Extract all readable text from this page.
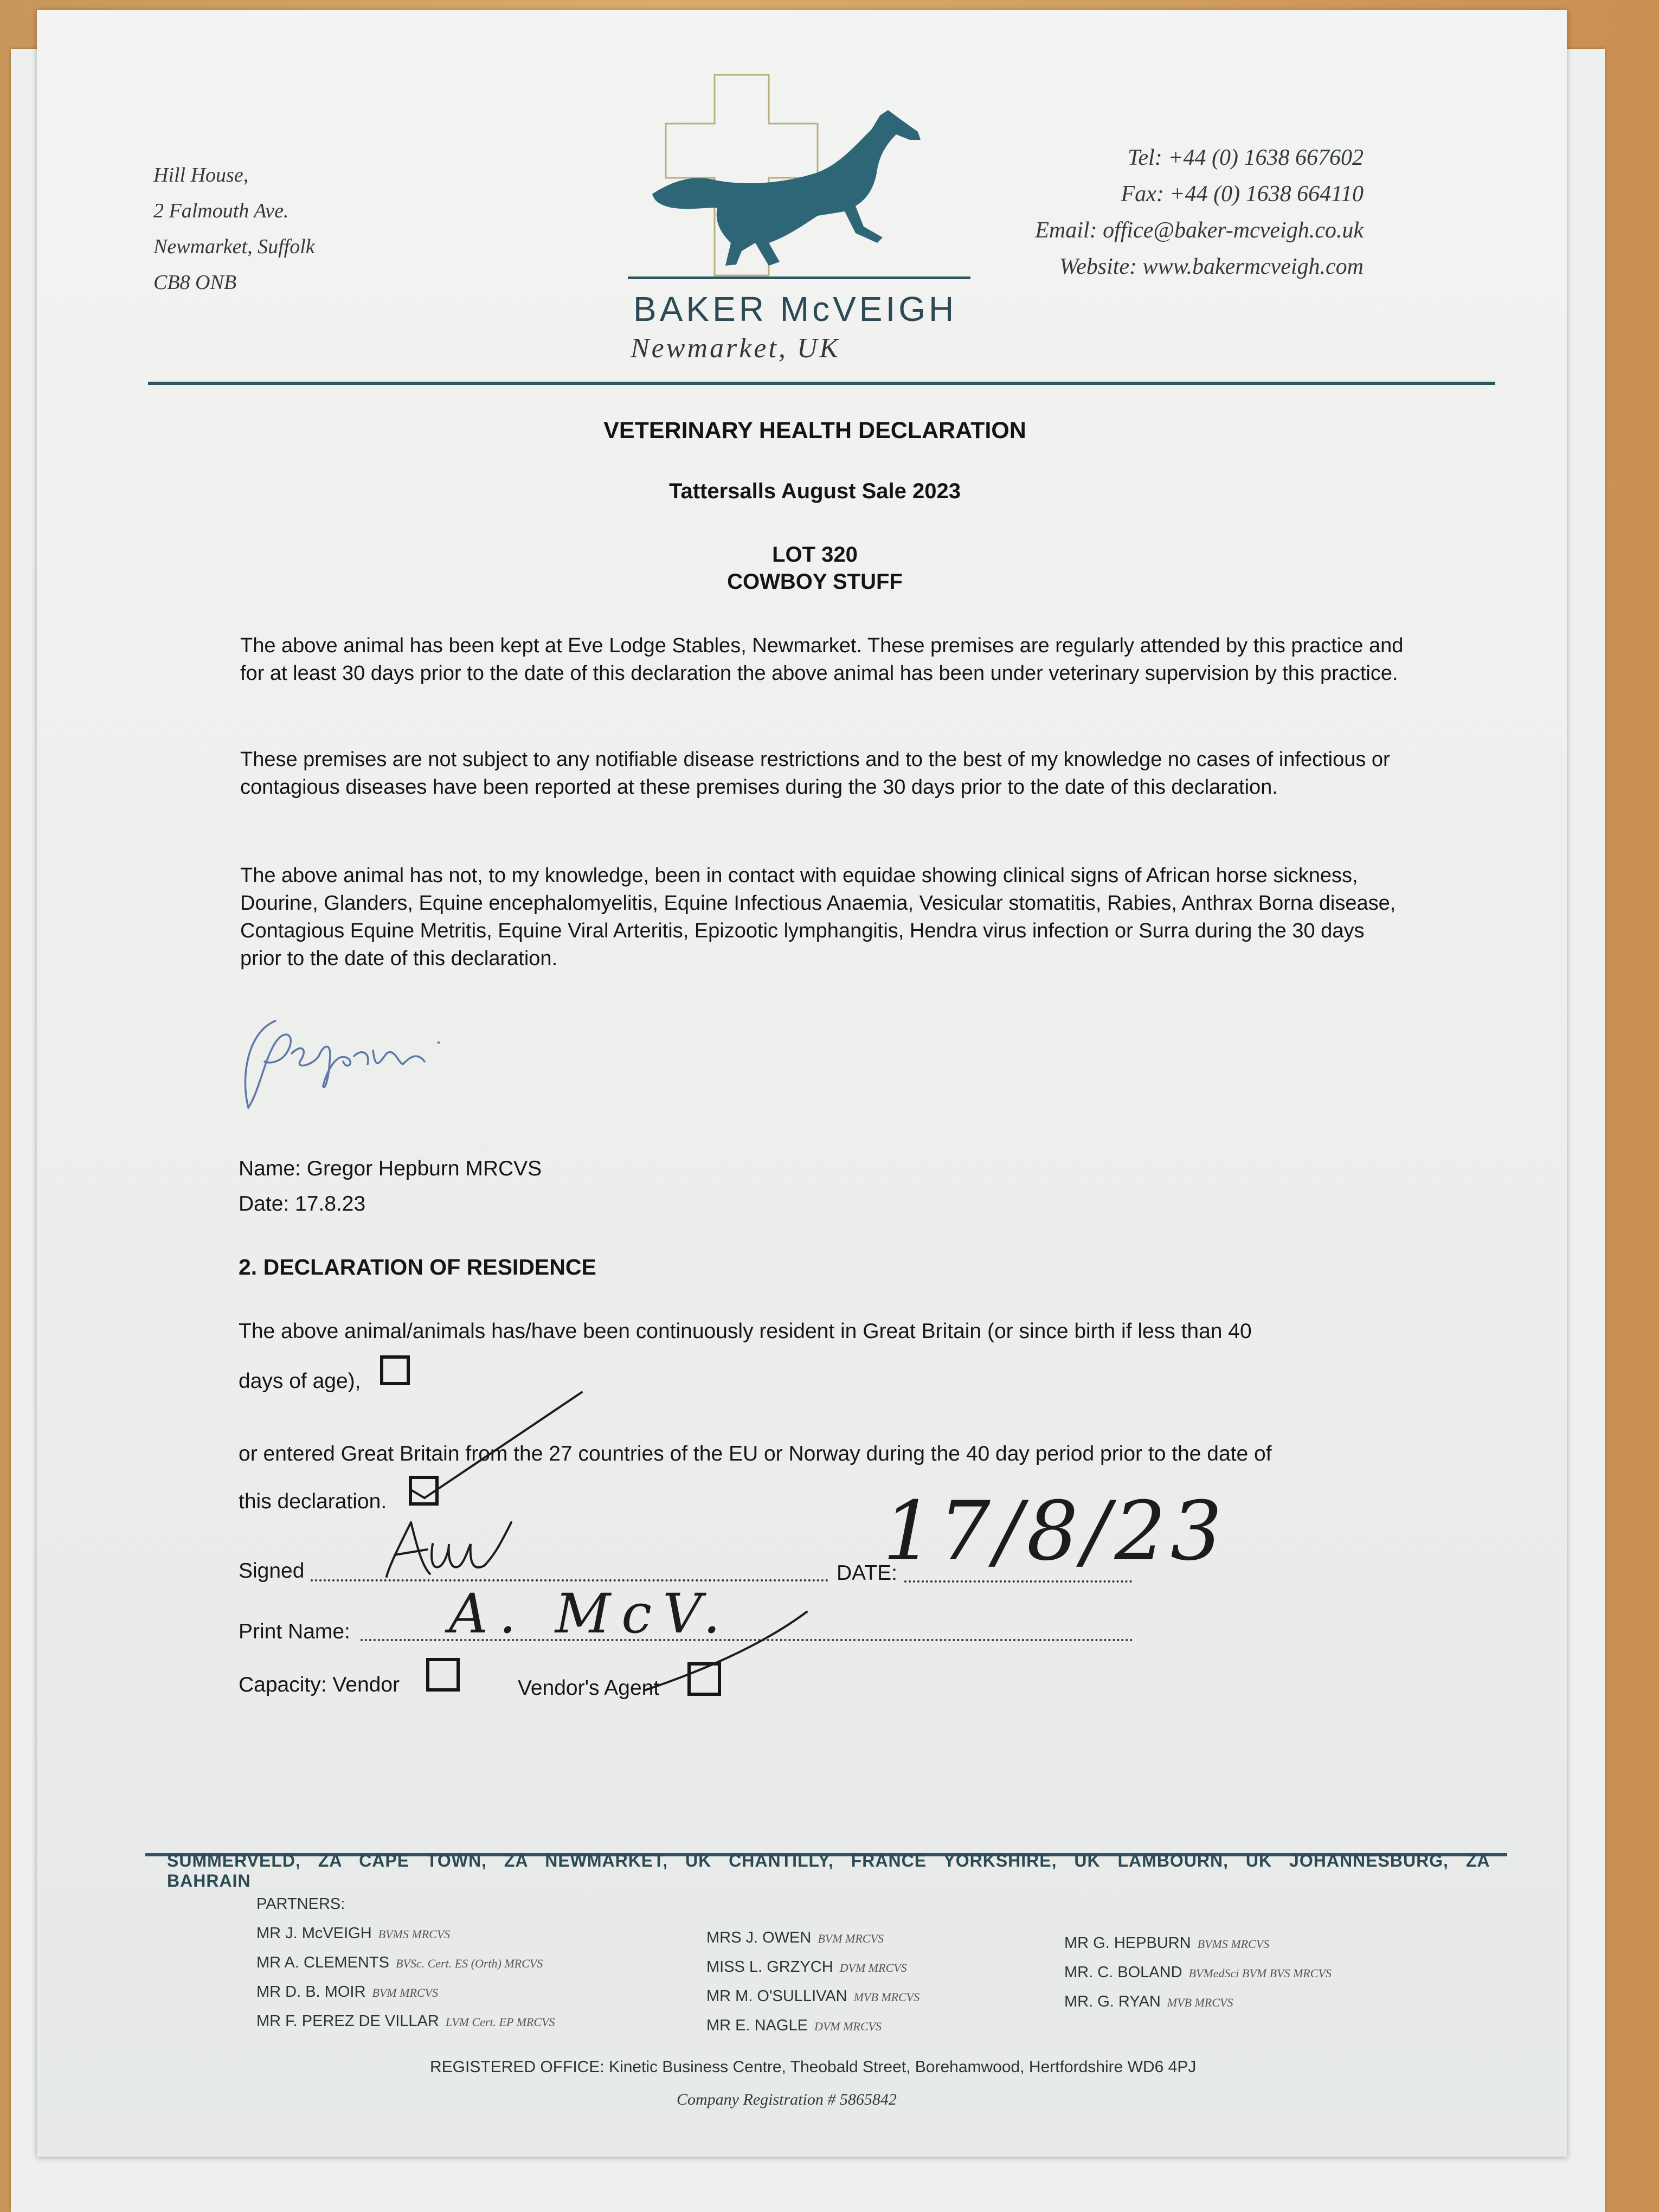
Hill House,
2 Falmouth Ave.
Newmarket, Suffolk
CB8 ONB
BAKER McVEIGH
Newmarket, UK
Tel: +44 (0) 1638 667602
Fax: +44 (0) 1638 664110
Email: office@baker-mcveigh.co.uk
Website: www.bakermcveigh.com
VETERINARY HEALTH DECLARATION
Tattersalls August Sale 2023
LOT 320
COWBOY STUFF
The above animal has been kept at Eve Lodge Stables, Newmarket. These premises are regularly attended by this practice and for at least 30 days prior to the date of this declaration the above animal has been under veterinary supervision by this practice.
These premises are not subject to any notifiable disease restrictions and to the best of my knowledge no cases of infectious or contagious diseases have been reported at these premises during the 30 days prior to the date of this declaration.
The above animal has not, to my knowledge, been in contact with equidae showing clinical signs of African horse sickness, Dourine, Glanders, Equine encephalomyelitis, Equine Infectious Anaemia, Vesicular stomatitis, Rabies, Anthrax Borna disease, Contagious Equine Metritis, Equine Viral Arteritis, Epizootic lymphangitis, Hendra virus infection or Surra during the 30 days prior to the date of this declaration.
Name: Gregor Hepburn MRCVS
Date: 17.8.23
2. DECLARATION OF RESIDENCE
The above animal/animals has/have been continuously resident in Great Britain (or since birth if less than 40
days of age),
or entered Great Britain from the 27 countries of the EU or Norway during the 40 day period prior to the date of
this declaration.
Signed	DATE:
17/8/23
Print Name: A. McV.
Capacity: Vendor	Vendor's Agent
SUMMERVELD, ZA CAPE TOWN, ZA NEWMARKET, UK CHANTILLY, FRANCE YORKSHIRE, UK LAMBOURN, UK JOHANNESBURG, ZA BAHRAIN
PARTNERS:
MR J. McVEIGH BVMS MRCVS
MR A. CLEMENTS BVSc. Cert. ES (Orth) MRCVS
MR D. B. MOIR BVM MRCVS
MR F. PEREZ DE VILLAR LVM Cert. EP MRCVS
MRS J. OWEN BVM MRCVS
MISS L. GRZYCH DVM MRCVS
MR M. O'SULLIVAN MVB MRCVS
MR E. NAGLE DVM MRCVS
MR G. HEPBURN BVMS MRCVS
MR. C. BOLAND BVMedSci BVM BVS MRCVS
MR. G. RYAN MVB MRCVS
REGISTERED OFFICE: Kinetic Business Centre, Theobald Street, Borehamwood, Hertfordshire WD6 4PJ
Company Registration # 5865842
